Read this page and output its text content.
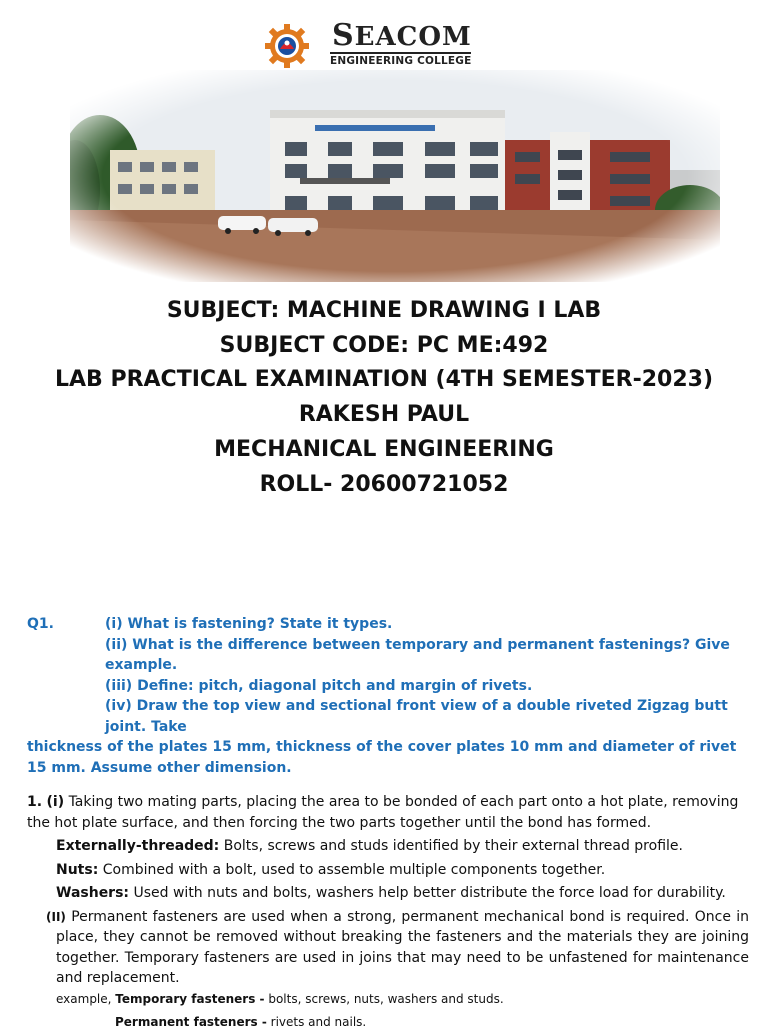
SEACOM
ENGINEERING COLLEGE
SUBJECT: MACHINE DRAWING I LAB
SUBJECT CODE: PC ME:492
LAB PRACTICAL EXAMINATION (4TH SEMESTER-2023)
RAKESH PAUL
MECHANICAL ENGINEERING
ROLL- 20600721052
Q1.	(i) What is fastening? State it types.
(ii) What is the difference between temporary and permanent fastenings? Give example.
(iii) Define: pitch, diagonal pitch and margin of rivets.
(iv) Draw the top view and sectional front view of a double riveted Zigzag butt joint. Take
thickness of the plates 15 mm, thickness of the cover plates 10 mm and diameter of rivet 15 mm. Assume other dimension.

1. (i) Taking two mating parts, placing the area to be bonded of each part onto a hot plate, removing the hot plate surface, and then forcing the two parts together until the bond has formed.

Externally-threaded: Bolts, screws and studs identified by their external thread profile.

Nuts: Combined with a bolt, used to assemble multiple components together.

Washers: Used with nuts and bolts, washers help better distribute the force load for durability.

(II) Permanent fasteners are used when a strong, permanent mechanical bond is required. Once in place, they cannot be removed without breaking the fasteners and the materials they are joining together. Temporary fasteners are used in joins that may need to be unfastened for maintenance and replacement.

example, Temporary fasteners - bolts, screws, nuts, washers and studs.

Permanent fasteners - rivets and nails.
